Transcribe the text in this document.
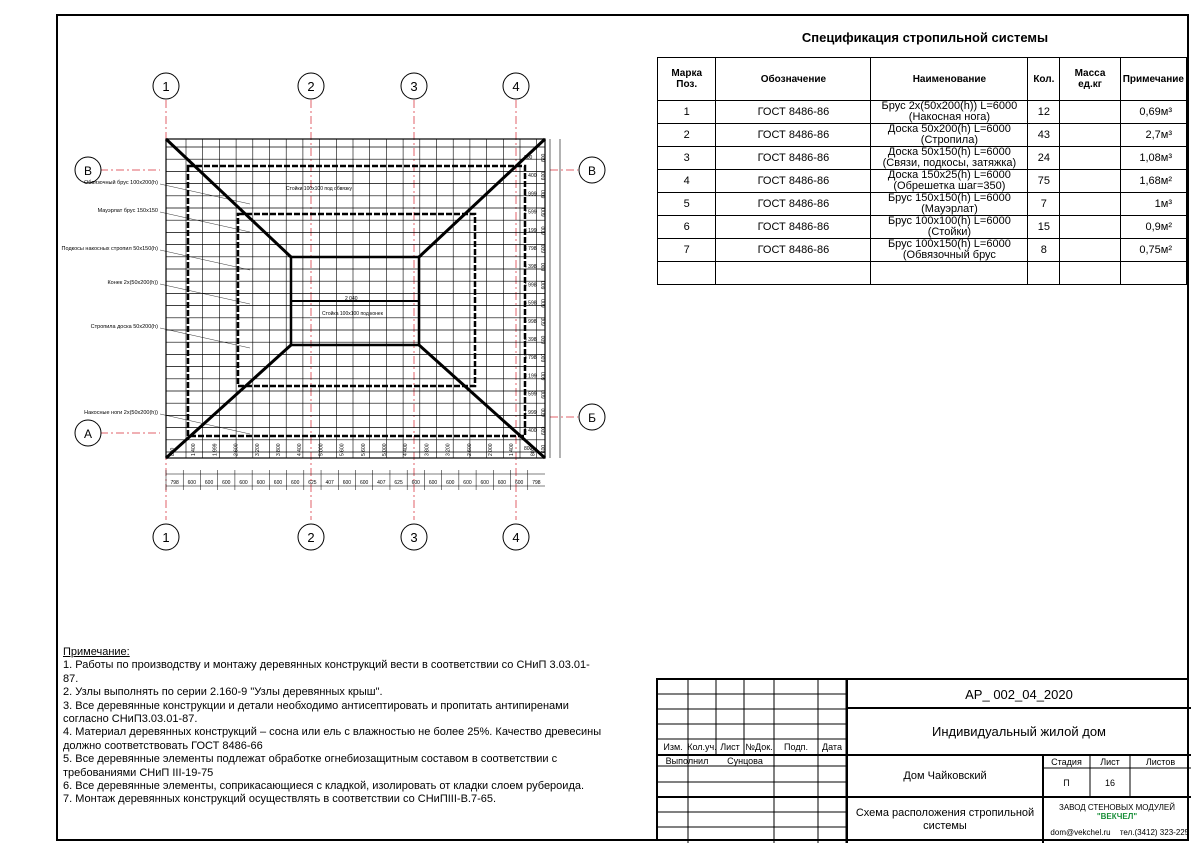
1
1
2
2
3
3
4
4
В
А
В
Б
Обвязочный брус 100x200(h)
Мауэрлат брус 150x150
Подкосы накосных стропил 50x150(h)
Конек 2x(50x200(h))
Стропила доска 50x200(h)
Накосные ноги 2x(50x200(h))
Стойки 100x100 под обвязку
Стойка 100x100 под конек
2 040
800 600
1 400 600
1 999 600
2 599 600
3 199 600
3 798 600
4 398 600
4 998 600
5 598 600
4 998 600
4 398 600
3 798 600
3 199 600
2 599 600
1 999 600
1 400 600
800 600
800	1 400	1 999	2 600	3 200	3 800	4 400	5 000	5 600	5 600	5 000	4 400	3 800	3 200	2 600	2 000	1 400	800
798 600 600 600 600 600 600 600 625 407 600 600 407 625 600 600 600 600 600 600 600 798
Спецификация стропильной системы
Марка Поз.	Обозначение	Наименование	Кол.	Масса ед.кг	Примечание
1	ГОСТ 8486-86	Брус 2x(50x200(h)) L=6000 (Накосная нога)	12		0,69м³
2	ГОСТ 8486-86	Доска 50x200(h) L=6000 (Стропила)	43		2,7м³
3	ГОСТ 8486-86	Доска 50x150(h) L=6000 (Связи, подкосы, затяжка)	24		1,08м³
4	ГОСТ 8486-86	Доска 150x25(h) L=6000 (Обрешетка шаг=350)	75		1,68м²
5	ГОСТ 8486-86	Брус 150x150(h) L=6000 (Мауэрлат)	7		1м³
6	ГОСТ 8486-86	Брус 100x100(h) L=6000 (Стойки)	15		0,9м²
7	ГОСТ 8486-86	Брус 100x150(h) L=6000 (Обвязочный брус	8		0,75м²

Примечание:
1. Работы по производству и монтажу деревянных конструкций вести в соответствии со СНиП 3.03.01-87.
2. Узлы выполнять по серии 2.160-9 "Узлы деревянных крыш".
3. Все деревянные конструкции и детали необходимо антисептировать и пропитать антипиренами согласно СНиП3.03.01-87.
4. Материал деревянных конструкций – сосна или ель с влажностью не более 25%. Качество древесины должно соответствовать ГОСТ 8486-66
5. Все деревянные элементы подлежат обработке огнебиозащитным составом в соответствии с требованиями СНиП III-19-75
6. Все деревянные элементы, соприкасающиеся с кладкой, изолировать от кладки слоем рубероида.
7. Монтаж деревянных конструкций осуществлять в соответствии со СНиПIII-В.7-65.
АР_ 002_04_2020
Индивидуальный жилой дом
Изм. Кол.уч. Лист №Док.	Подп.	Дата
Выполнил	Сунцова
Дом Чайковский
Стадия	Лист	Листов
П	16
Схема расположения стропильной системы
ЗАВОД СТЕНОВЫХ МОДУЛЕЙ
"ВЕКЧЕЛ"
dom@vekchel.ru	тел.(3412) 323-225
